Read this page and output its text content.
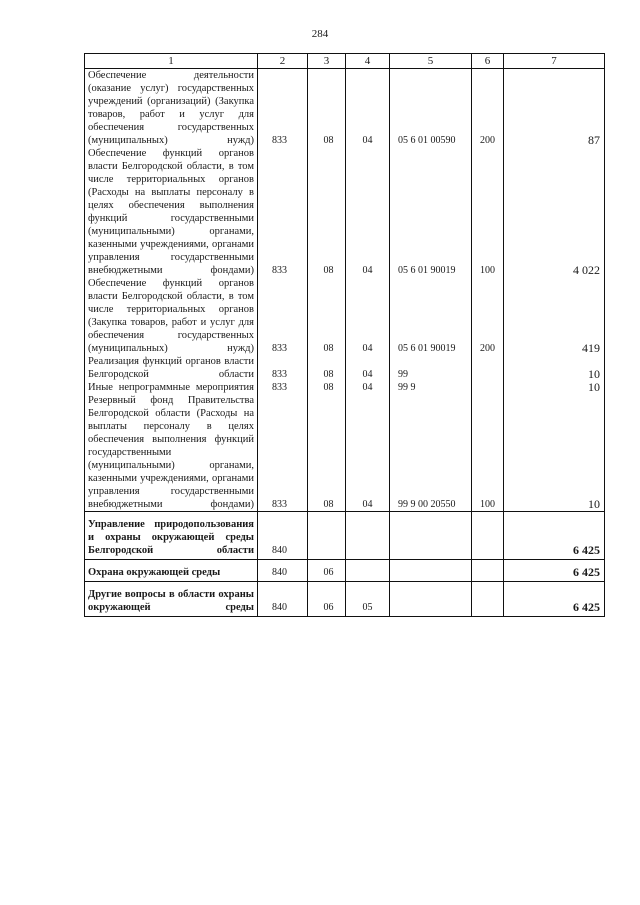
284
1	2	3	4	5	6	7
Обеспечение деятельности (оказание услуг) государственных учреждений (организаций) (Закупка товаров, работ и услуг для обеспечения государственных (муниципальных) нужд)	833	08	04	05 6 01 00590	200	87
Обеспечение функций органов власти Белгородской области, в том числе территориальных органов (Расходы на выплаты персоналу в целях обеспечения выполнения функций государственными (муниципальными) органами, казенными учреждениями, органами управления государственными внебюджетными фондами)	833	08	04	05 6 01 90019	100	4 022
Обеспечение функций органов власти Белгородской области, в том числе территориальных органов (Закупка товаров, работ и услуг для обеспечения государственных (муниципальных) нужд)	833	08	04	05 6 01 90019	200	419
Реализация функций органов власти Белгородской области	833	08	04	99		10
Иные непрограммные мероприятия	833	08	04	99 9		10
Резервный фонд Правительства Белгородской области (Расходы на выплаты персоналу в целях обеспечения выполнения функций государственными (муниципальными) органами, казенными учреждениями, органами управления государственными внебюджетными фондами)	833	08	04	99 9 00 20550	100	10
Управление природопользования и охраны окружающей среды Белгородской области	840					6 425
Охрана окружающей среды	840	06				6 425
Другие вопросы в области охраны окружающей среды	840	06	05			6 425
